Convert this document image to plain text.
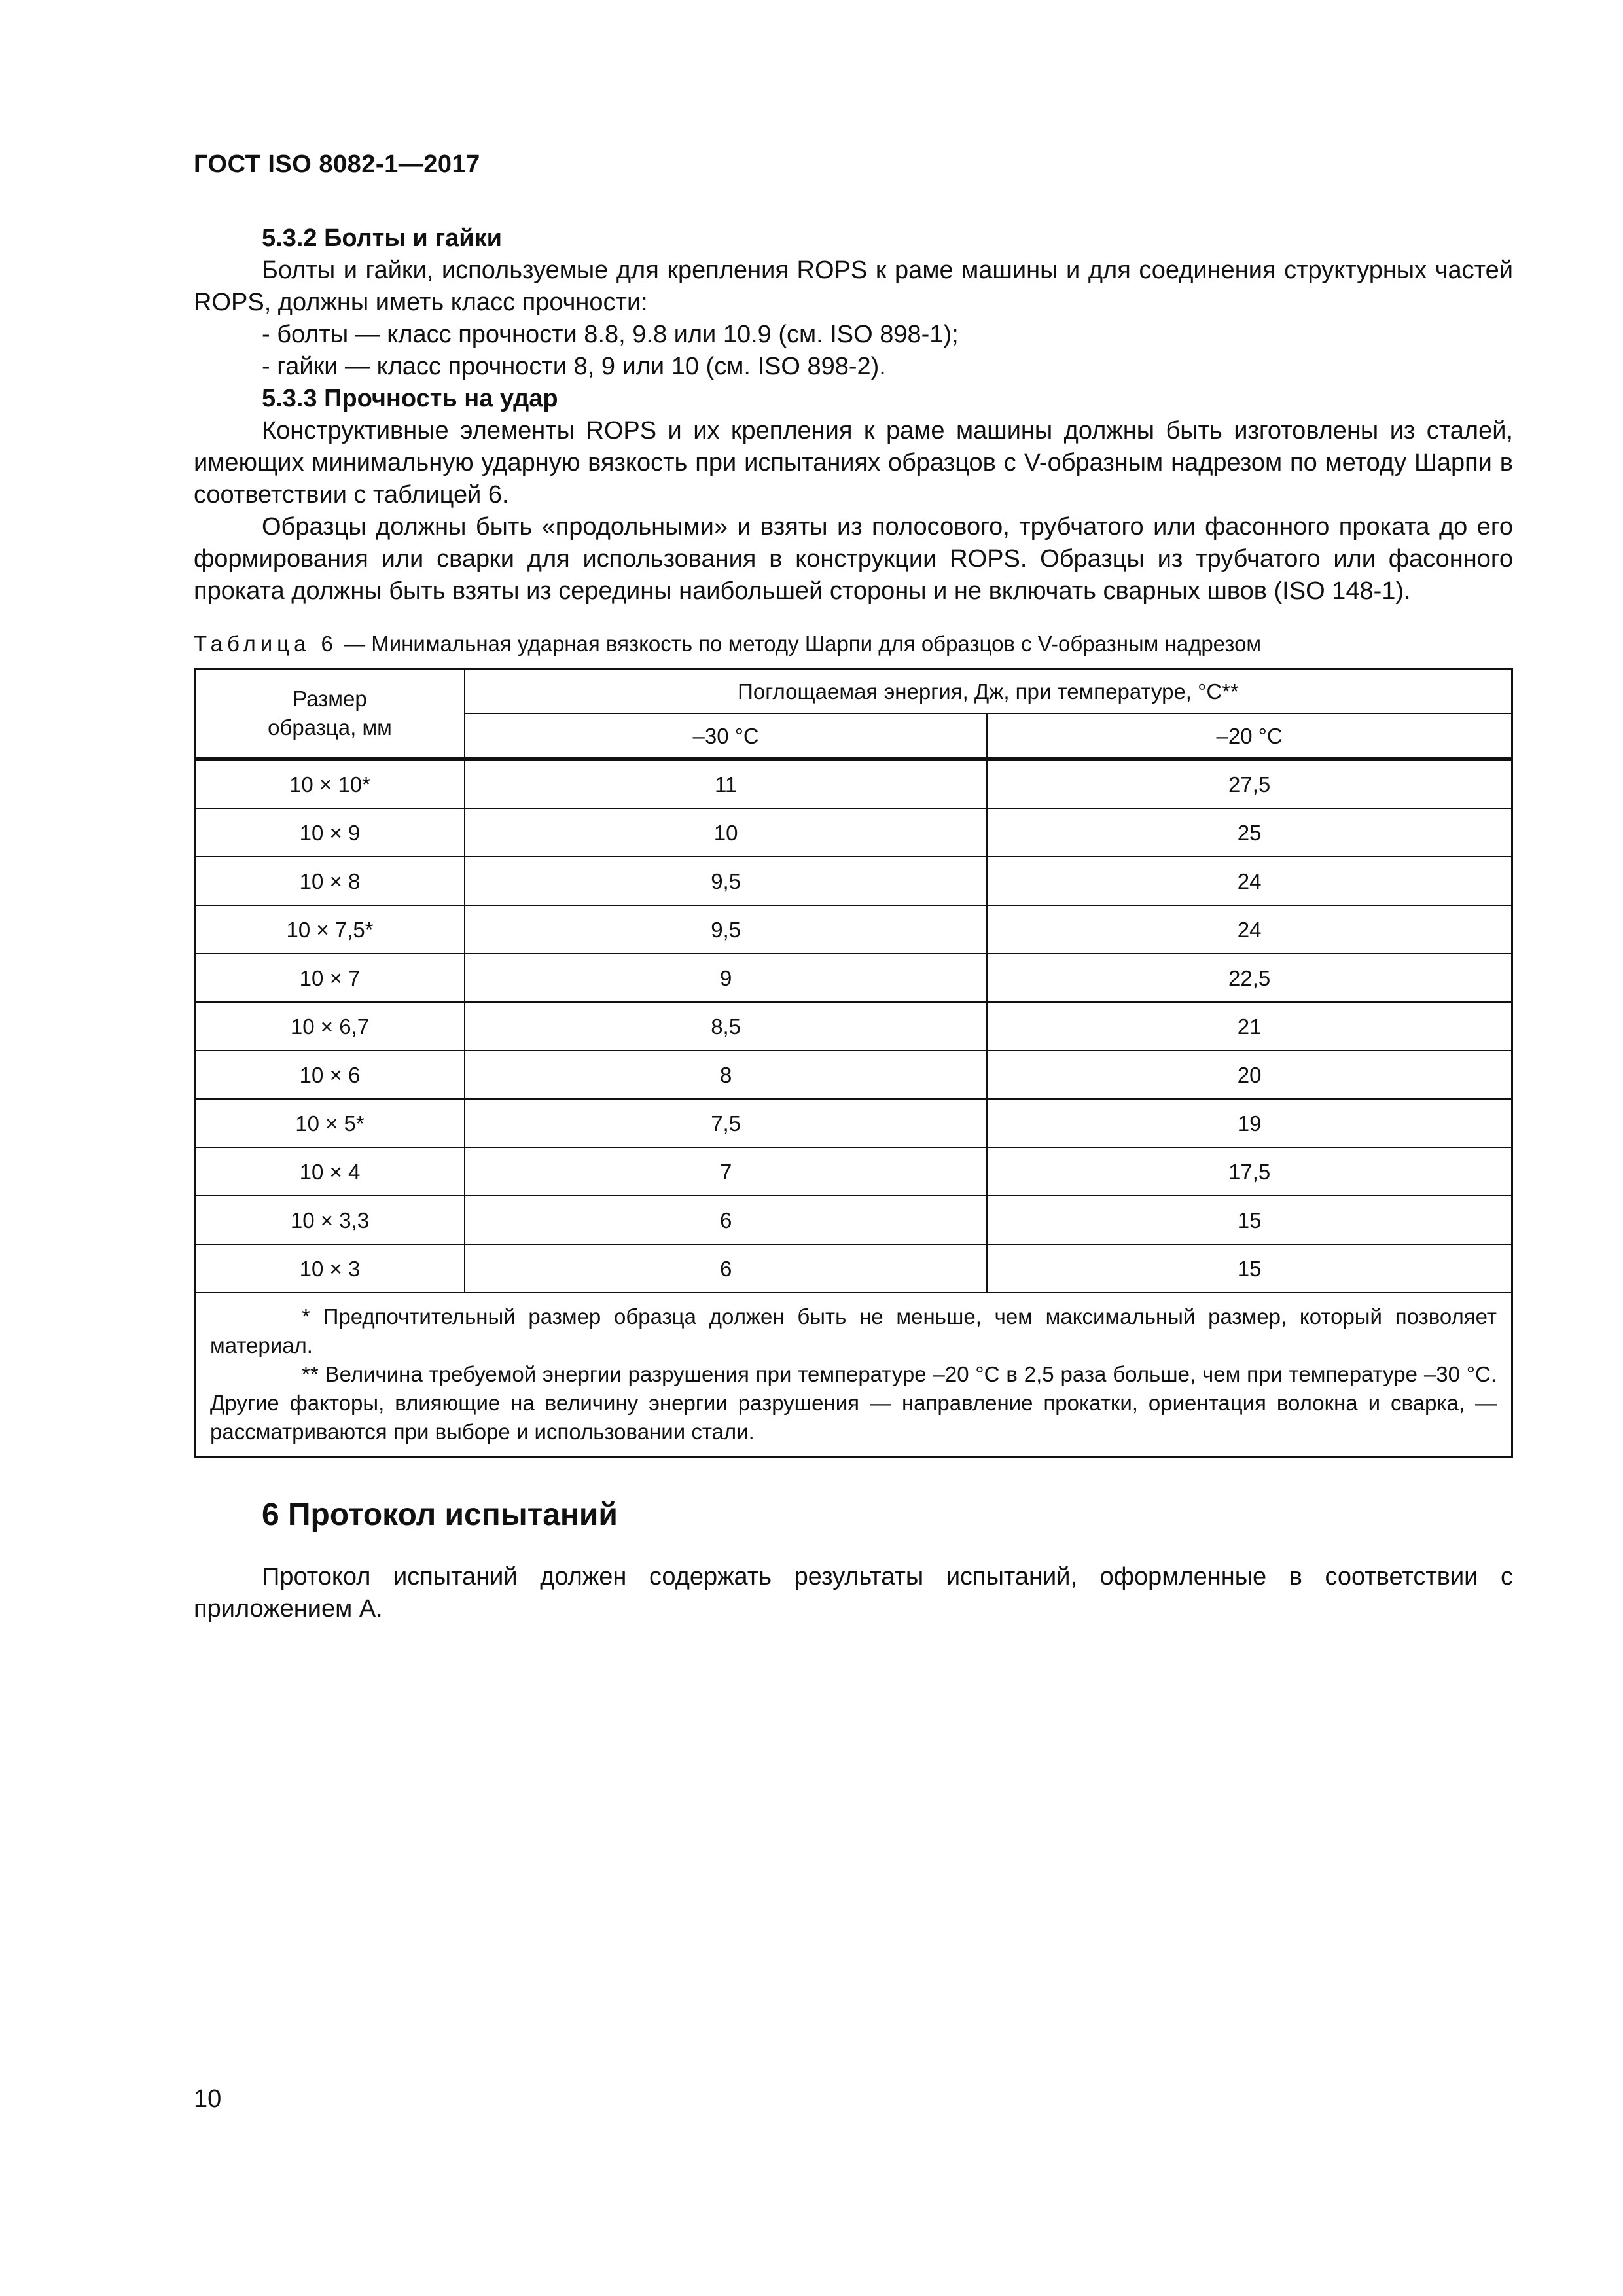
ГОСТ ISO 8082-1—2017

5.3.2 Болты и гайки

Болты и гайки, используемые для крепления ROPS к раме машины и для соединения структурных частей ROPS, должны иметь класс прочности:

- болты — класс прочности 8.8, 9.8 или 10.9 (см. ISO 898-1);

- гайки — класс прочности 8, 9 или 10 (см. ISO 898-2).

5.3.3 Прочность на удар

Конструктивные элементы ROPS и их крепления к раме машины должны быть изготовлены из сталей, имеющих минимальную ударную вязкость при испытаниях образцов с V-образным надрезом по методу Шарпи в соответствии с таблицей 6.

Образцы должны быть «продольными» и взяты из полосового, трубчатого или фасонного проката до его формирования или сварки для использования в конструкции ROPS. Образцы из трубчатого или фасонного проката должны быть взяты из середины наибольшей стороны и не включать сварных швов (ISO 148-1).

Таблица 6 — Минимальная ударная вязкость по методу Шарпи для образцов с V-образным надрезом

Размер
образца, мм	Поглощаемая энергия, Дж, при температуре, °C**	
	–30 °C	–20 °C
10 × 10*	11	27,5
10 × 9	10	25
10 × 8	9,5	24
10 × 7,5*	9,5	24
10 × 7	9	22,5
10 × 6,7	8,5	21
10 × 6	8	20
10 × 5*	7,5	19
10 × 4	7	17,5
10 × 3,3	6	15
10 × 3	6	15

* Предпочтительный размер образца должен быть не меньше, чем максимальный размер, который позволяет материал.

** Величина требуемой энергии разрушения при температуре –20 °C в 2,5 раза больше, чем при температуре –30 °C. Другие факторы, влияющие на величину энергии разрушения — направление прокатки, ориентация волокна и сварка, — рассматриваются при выборе и использовании стали.		

6 Протокол испытаний

Протокол испытаний должен содержать результаты испытаний, оформленные в соответствии с приложением А.

10
